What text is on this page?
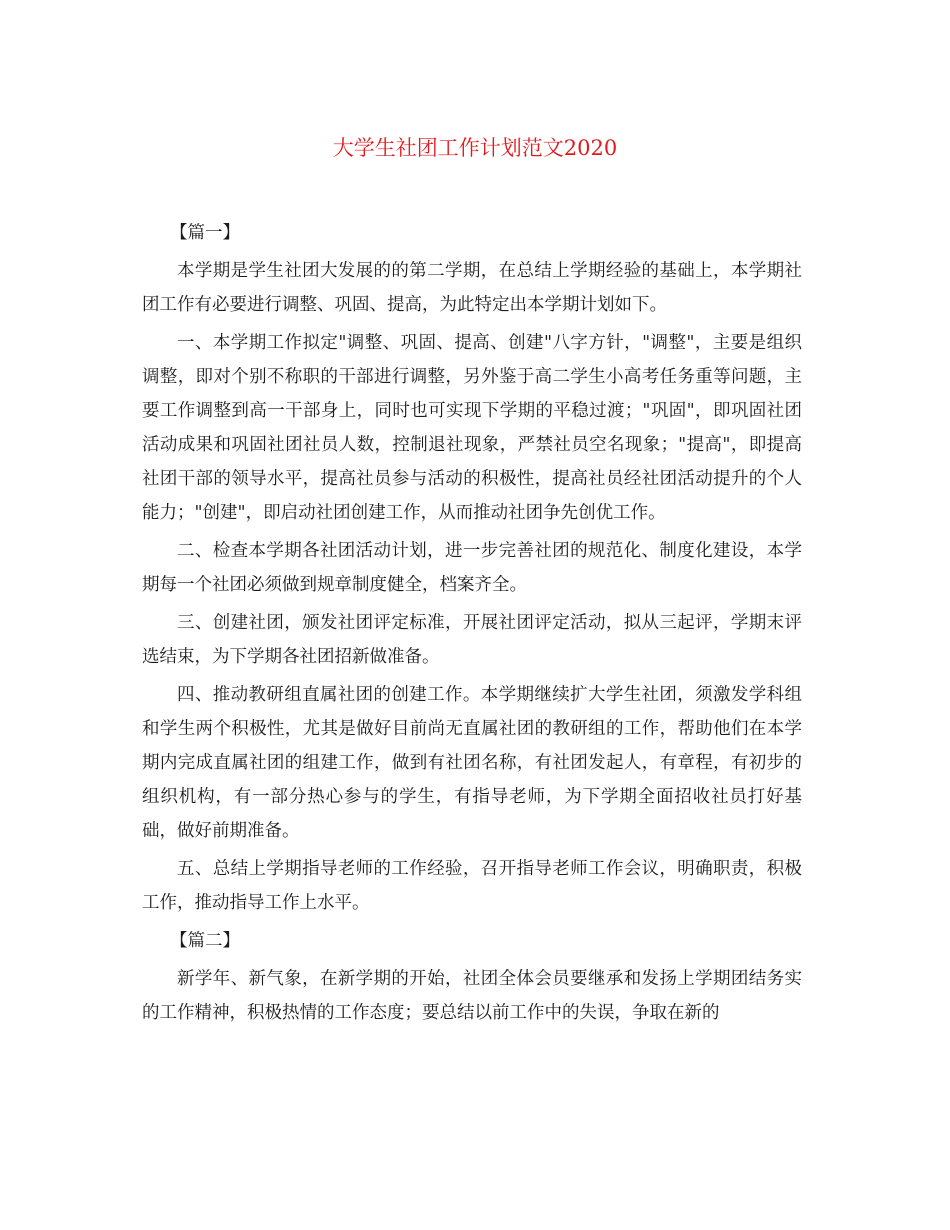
大学生社团工作计划范文2020

【篇一】

本学期是学生社团大发展的的第二学期，在总结上学期经验的基础上，本学期社团工作有必要进行调整、巩固、提高，为此特定出本学期计划如下。

一、本学期工作拟定"调整、巩固、提高、创建"八字方针，"调整"，主要是组织调整，即对个别不称职的干部进行调整，另外鉴于高二学生小高考任务重等问题，主要工作调整到高一干部身上，同时也可实现下学期的平稳过渡；"巩固"，即巩固社团活动成果和巩固社团社员人数，控制退社现象，严禁社员空名现象；"提高"，即提高社团干部的领导水平，提高社员参与活动的积极性，提高社员经社团活动提升的个人能力；"创建"，即启动社团创建工作，从而推动社团争先创优工作。

二、检查本学期各社团活动计划，进一步完善社团的规范化、制度化建设，本学期每一个社团必须做到规章制度健全，档案齐全。

三、创建社团，颁发社团评定标准，开展社团评定活动，拟从三起评，学期末评选结束，为下学期各社团招新做准备。

四、推动教研组直属社团的创建工作。本学期继续扩大学生社团，须激发学科组和学生两个积极性，尤其是做好目前尚无直属社团的教研组的工作，帮助他们在本学期内完成直属社团的组建工作，做到有社团名称，有社团发起人，有章程，有初步的组织机构，有一部分热心参与的学生，有指导老师，为下学期全面招收社员打好基础，做好前期准备。

五、总结上学期指导老师的工作经验，召开指导老师工作会议，明确职责，积极工作，推动指导工作上水平。

【篇二】

新学年、新气象，在新学期的开始，社团全体会员要继承和发扬上学期团结务实的工作精神，积极热情的工作态度；要总结以前工作中的失误，争取在新的
